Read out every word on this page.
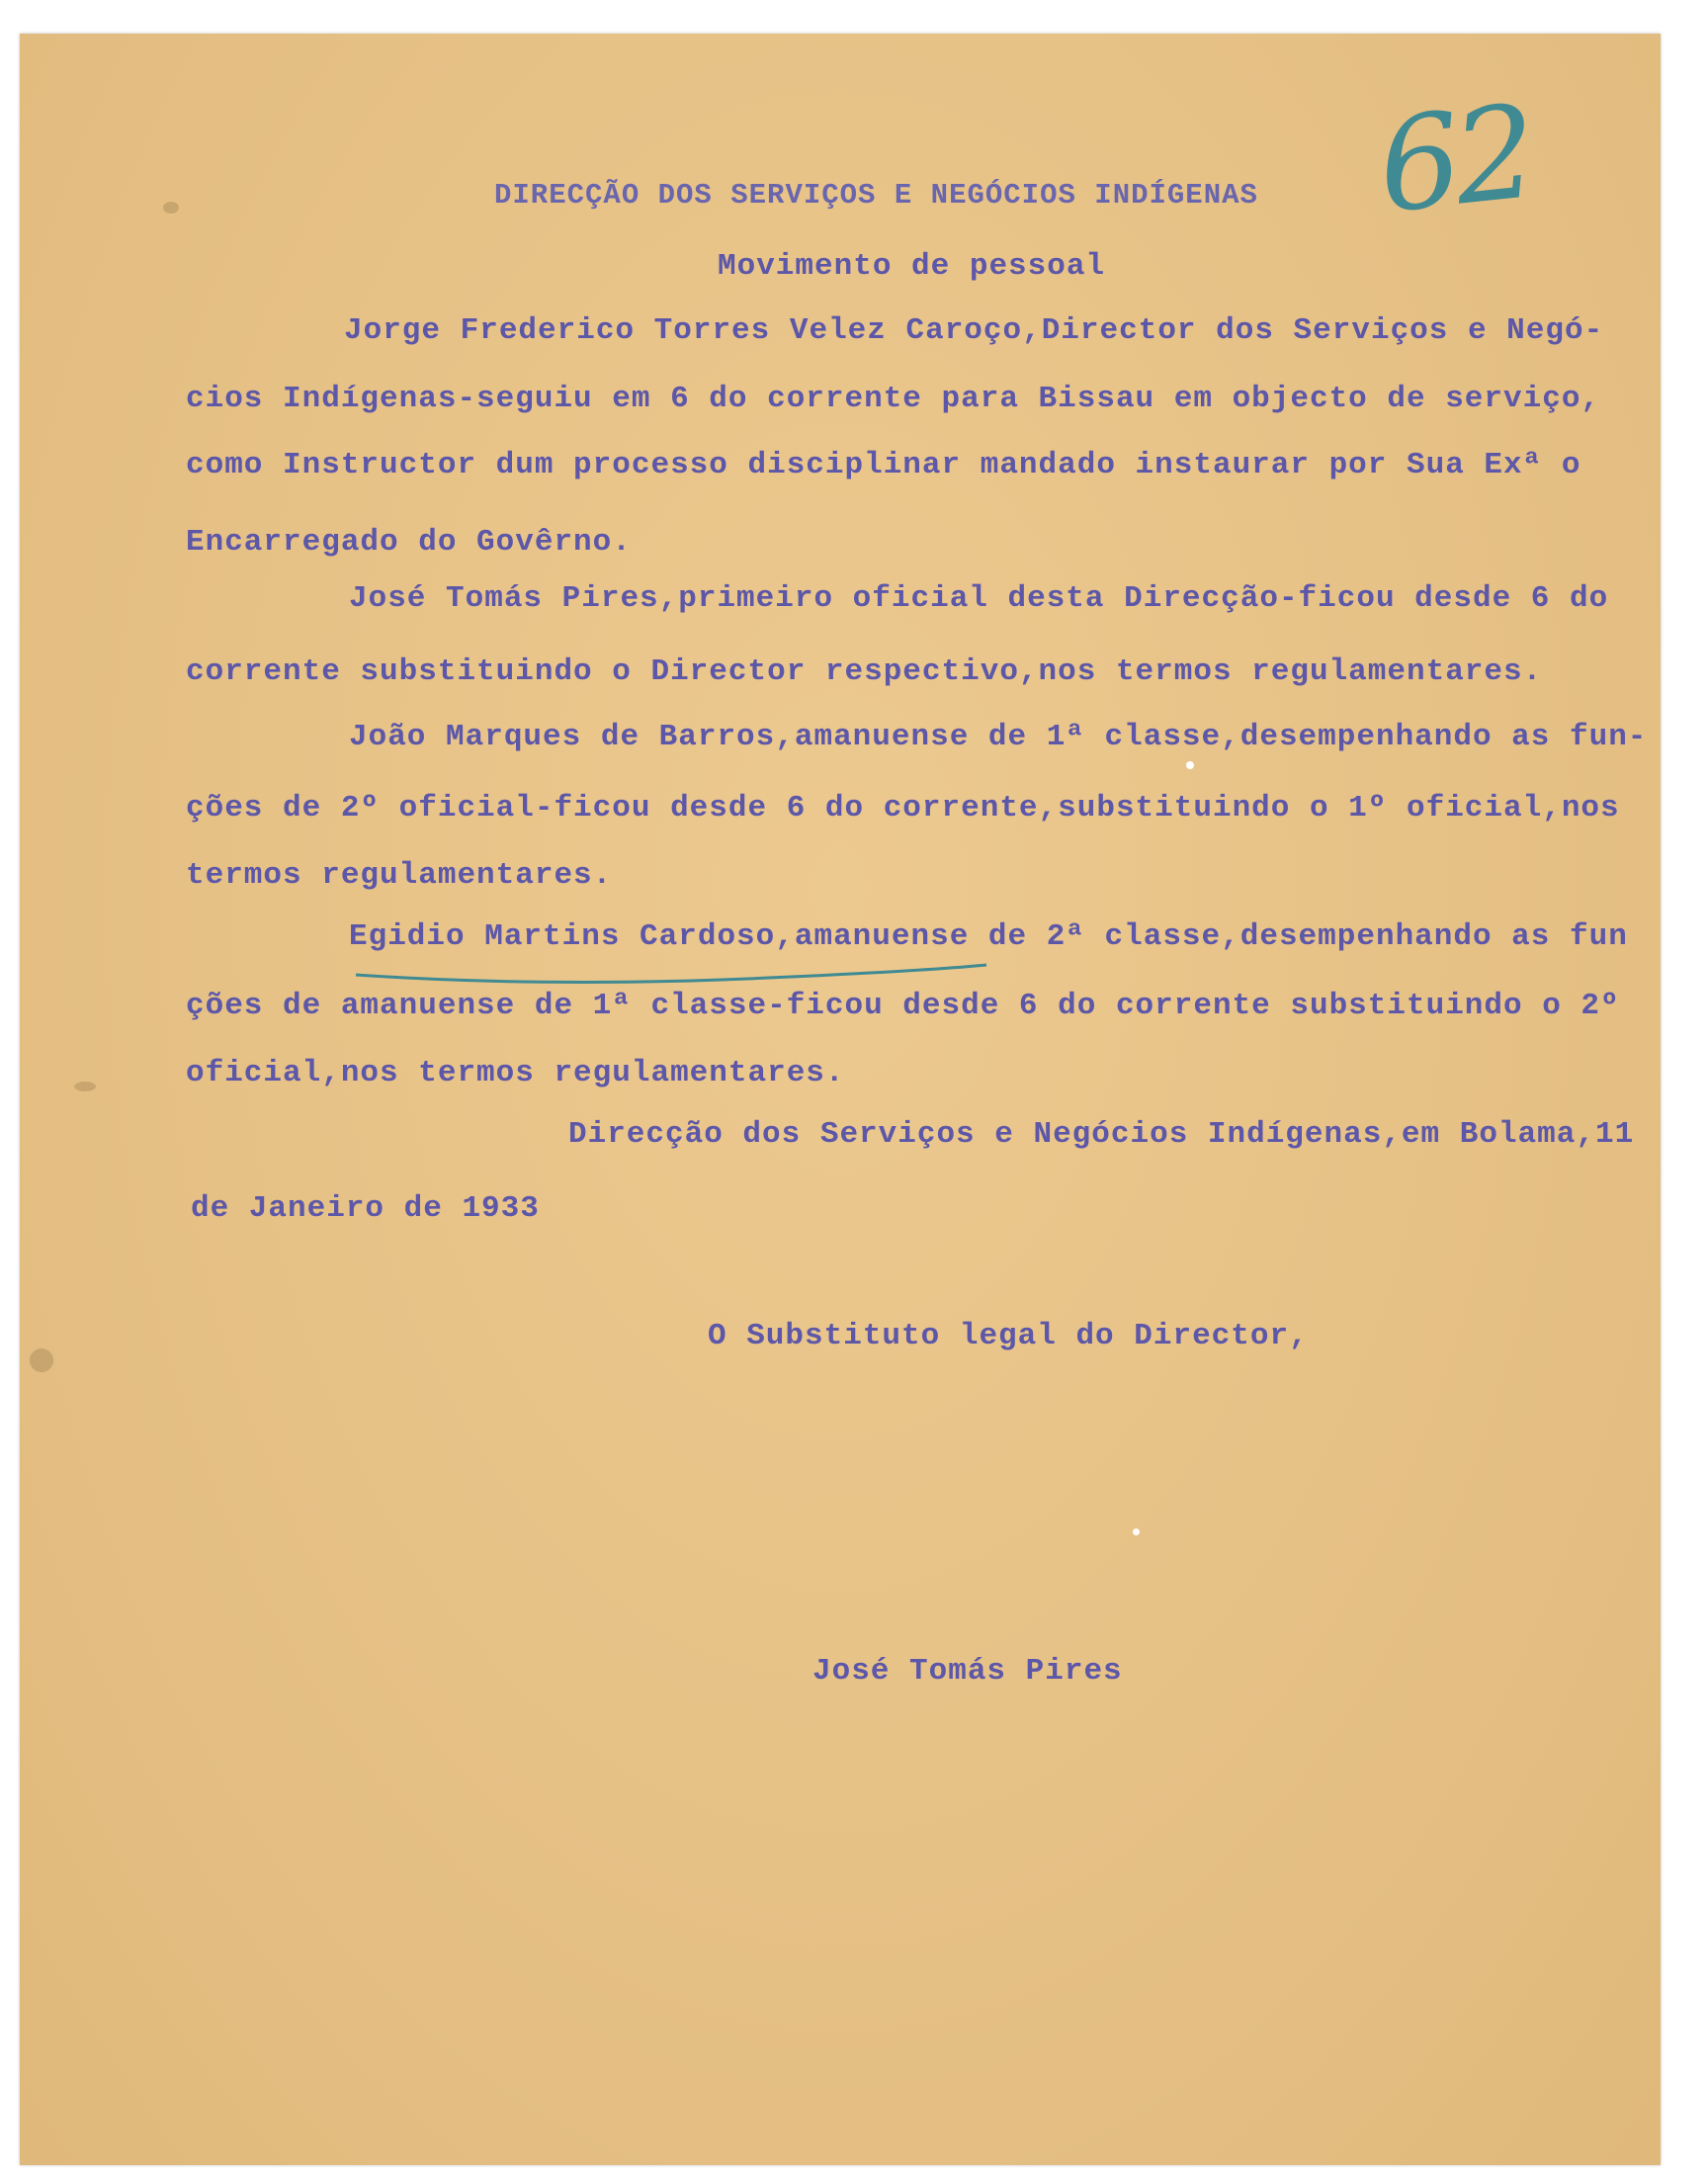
62
DIRECÇÃO DOS SERVIÇOS E NEGÓCIOS INDÍGENAS
Movimento de pessoal
Jorge Frederico Torres Velez Caroço,Director dos Serviços e Negó-
cios Indígenas-seguiu em 6 do corrente para Bissau em objecto de serviço,
como Instructor dum processo disciplinar mandado instaurar por Sua Exª o
Encarregado do Govêrno.
José Tomás Pires,primeiro oficial desta Direcção-ficou desde 6 do
corrente substituindo o Director respectivo,nos termos regulamentares.
João Marques de Barros,amanuense de 1ª classe,desempenhando as fun-
ções de 2º oficial-ficou desde 6 do corrente,substituindo o 1º oficial,nos
termos regulamentares.
Egidio Martins Cardoso,amanuense de 2ª classe,desempenhando as fun
ções de amanuense de 1ª classe-ficou desde 6 do corrente substituindo o 2º
oficial,nos termos regulamentares.
Direcção dos Serviços e Negócios Indígenas,em Bolama,11
de Janeiro de 1933
O Substituto legal do Director,
José Tomás Pires
